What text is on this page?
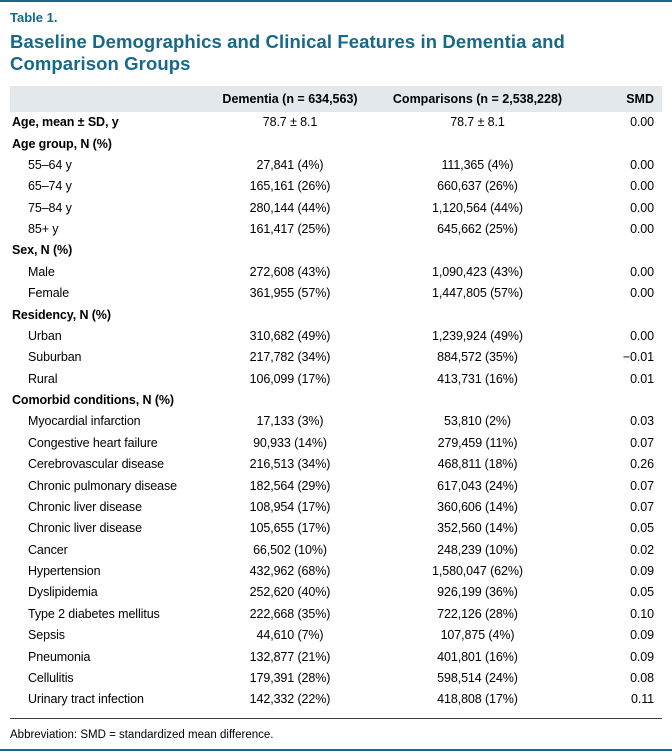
Table 1.
Baseline Demographics and Clinical Features in Dementia and Comparison Groups
	Dementia (n = 634,563)	Comparisons (n = 2,538,228)	SMD
Age, mean ± SD, y	78.7 ± 8.1	78.7 ± 8.1	0.00
Age group, N (%)			
55–64 y	27,841 (4%)	111,365 (4%)	0.00
65–74 y	165,161 (26%)	660,637 (26%)	0.00
75–84 y	280,144 (44%)	1,120,564 (44%)	0.00
85+ y	161,417 (25%)	645,662 (25%)	0.00
Sex, N (%)			
Male	272,608 (43%)	1,090,423 (43%)	0.00
Female	361,955 (57%)	1,447,805 (57%)	0.00
Residency, N (%)			
Urban	310,682 (49%)	1,239,924 (49%)	0.00
Suburban	217,782 (34%)	884,572 (35%)	−0.01
Rural	106,099 (17%)	413,731 (16%)	0.01
Comorbid conditions, N (%)			
Myocardial infarction	17,133 (3%)	53,810 (2%)	0.03
Congestive heart failure	90,933 (14%)	279,459 (11%)	0.07
Cerebrovascular disease	216,513 (34%)	468,811 (18%)	0.26
Chronic pulmonary disease	182,564 (29%)	617,043 (24%)	0.07
Chronic liver disease	108,954 (17%)	360,606 (14%)	0.07
Chronic liver disease	105,655 (17%)	352,560 (14%)	0.05
Cancer	66,502 (10%)	248,239 (10%)	0.02
Hypertension	432,962 (68%)	1,580,047 (62%)	0.09
Dyslipidemia	252,620 (40%)	926,199 (36%)	0.05
Type 2 diabetes mellitus	222,668 (35%)	722,126 (28%)	0.10
Sepsis	44,610 (7%)	107,875 (4%)	0.09
Pneumonia	132,877 (21%)	401,801 (16%)	0.09
Cellulitis	179,391 (28%)	598,514 (24%)	0.08
Urinary tract infection	142,332 (22%)	418,808 (17%)	0.11
Abbreviation: SMD = standardized mean difference.
